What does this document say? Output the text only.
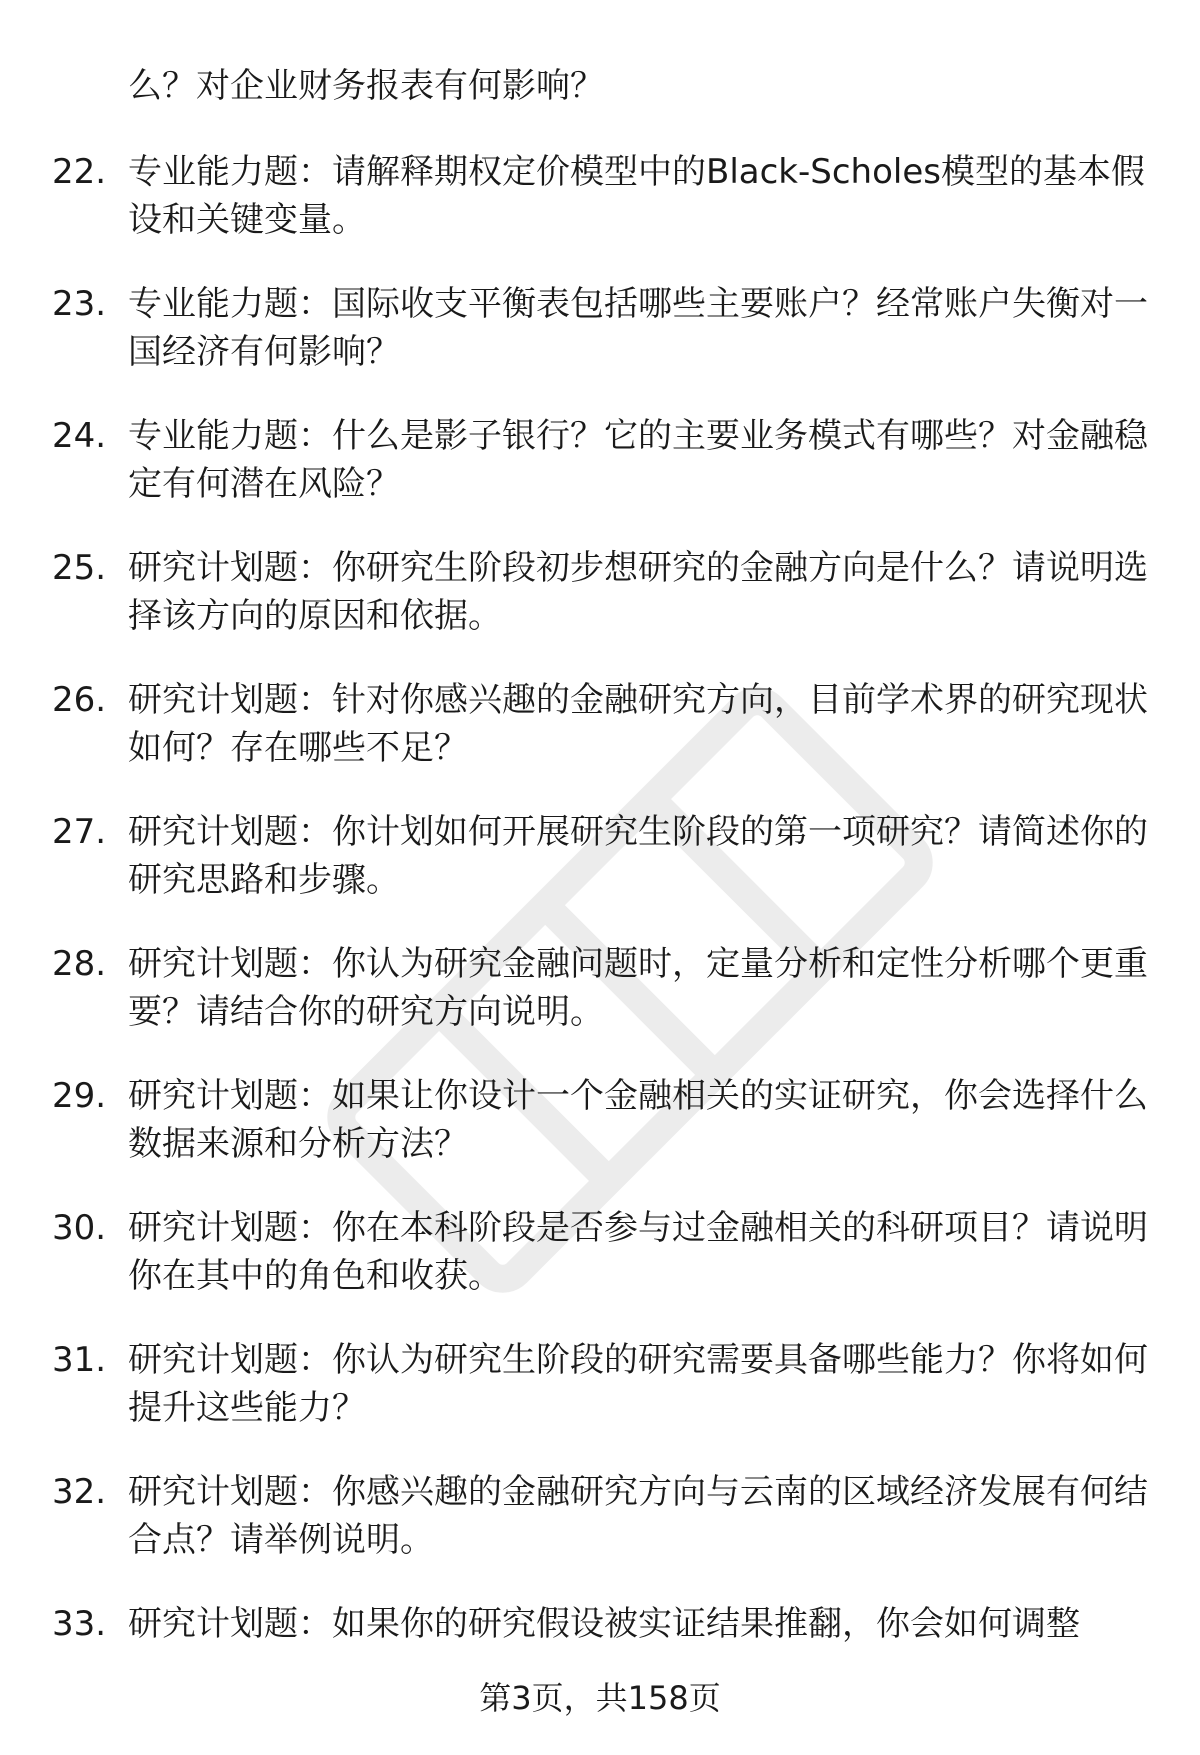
么？对企业财务报表有何影响？

22. 专业能力题：请解释期权定价模型中的Black-Scholes模型的基本假设和关键变量。
23. 专业能力题：国际收支平衡表包括哪些主要账户？经常账户失衡对一国经济有何影响？
24. 专业能力题：什么是影子银行？它的主要业务模式有哪些？对金融稳定有何潜在风险？
25. 研究计划题：你研究生阶段初步想研究的金融方向是什么？请说明选择该方向的原因和依据。
26. 研究计划题：针对你感兴趣的金融研究方向，目前学术界的研究现状如何？存在哪些不足？
27. 研究计划题：你计划如何开展研究生阶段的第一项研究？请简述你的研究思路和步骤。
28. 研究计划题：你认为研究金融问题时，定量分析和定性分析哪个更重要？请结合你的研究方向说明。
29. 研究计划题：如果让你设计一个金融相关的实证研究，你会选择什么数据来源和分析方法？
30. 研究计划题：你在本科阶段是否参与过金融相关的科研项目？请说明你在其中的角色和收获。
31. 研究计划题：你认为研究生阶段的研究需要具备哪些能力？你将如何提升这些能力？
32. 研究计划题：你感兴趣的金融研究方向与云南的区域经济发展有何结合点？请举例说明。
33. 研究计划题：如果你的研究假设被实证结果推翻，你会如何调整
第3页，共158页
